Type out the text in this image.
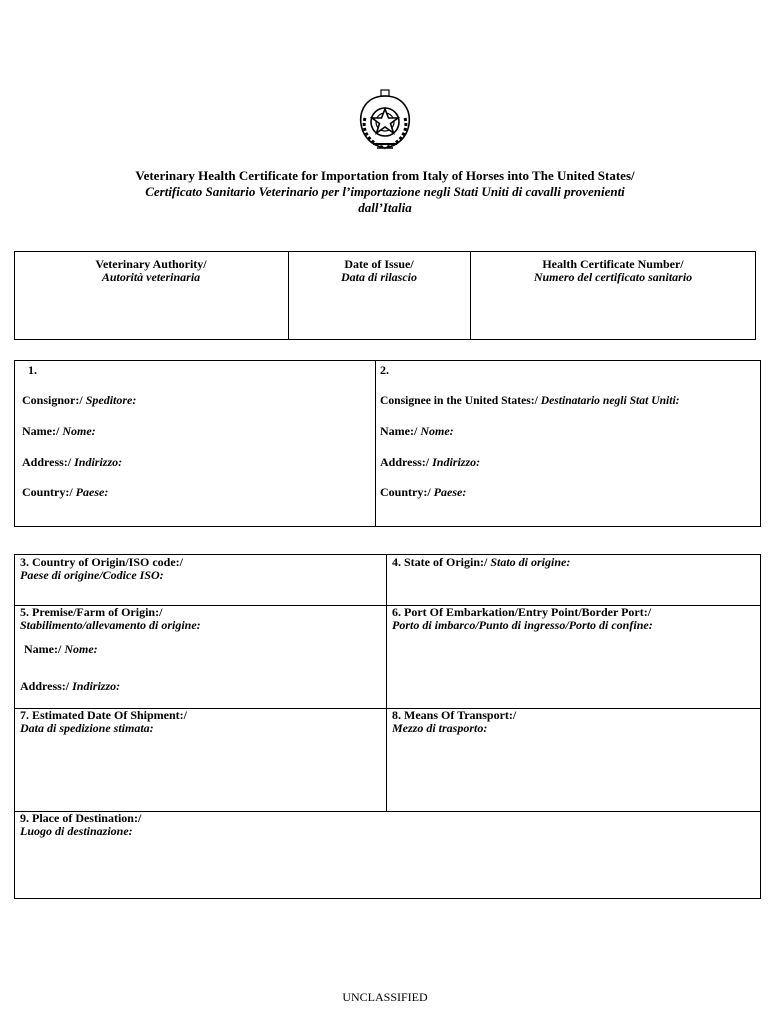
Veterinary Health Certificate for Importation from Italy of Horses into The United States/
Certificato Sanitario Veterinario per l’importazione negli Stati Uniti di cavalli provenienti
dall’Italia
Veterinary Authority/
Autorità veterinaria
Date of Issue/
Data di rilascio
Health Certificate Number/
Numero del certificato sanitario
1.
Consignor:/ Speditore:
Name:/ Nome:
Address:/ Indirizzo:
Country:/ Paese:
2.
Consignee in the United States:/ Destinatario negli Stat Uniti:
Name:/ Nome:
Address:/ Indirizzo:
Country:/ Paese:
3. Country of Origin/ISO code:/
Paese di origine/Codice ISO:
4. State of Origin:/ Stato di origine:
5. Premise/Farm of Origin:/
Stabilimento/allevamento di origine:
Name:/ Nome:
Address:/ Indirizzo:
6. Port Of Embarkation/Entry Point/Border Port:/
Porto di imbarco/Punto di ingresso/Porto di confine:
7. Estimated Date Of Shipment:/
Data di spedizione stimata:
8. Means Of Transport:/
Mezzo di trasporto:
9. Place of Destination:/
Luogo di destinazione:
UNCLASSIFIED
